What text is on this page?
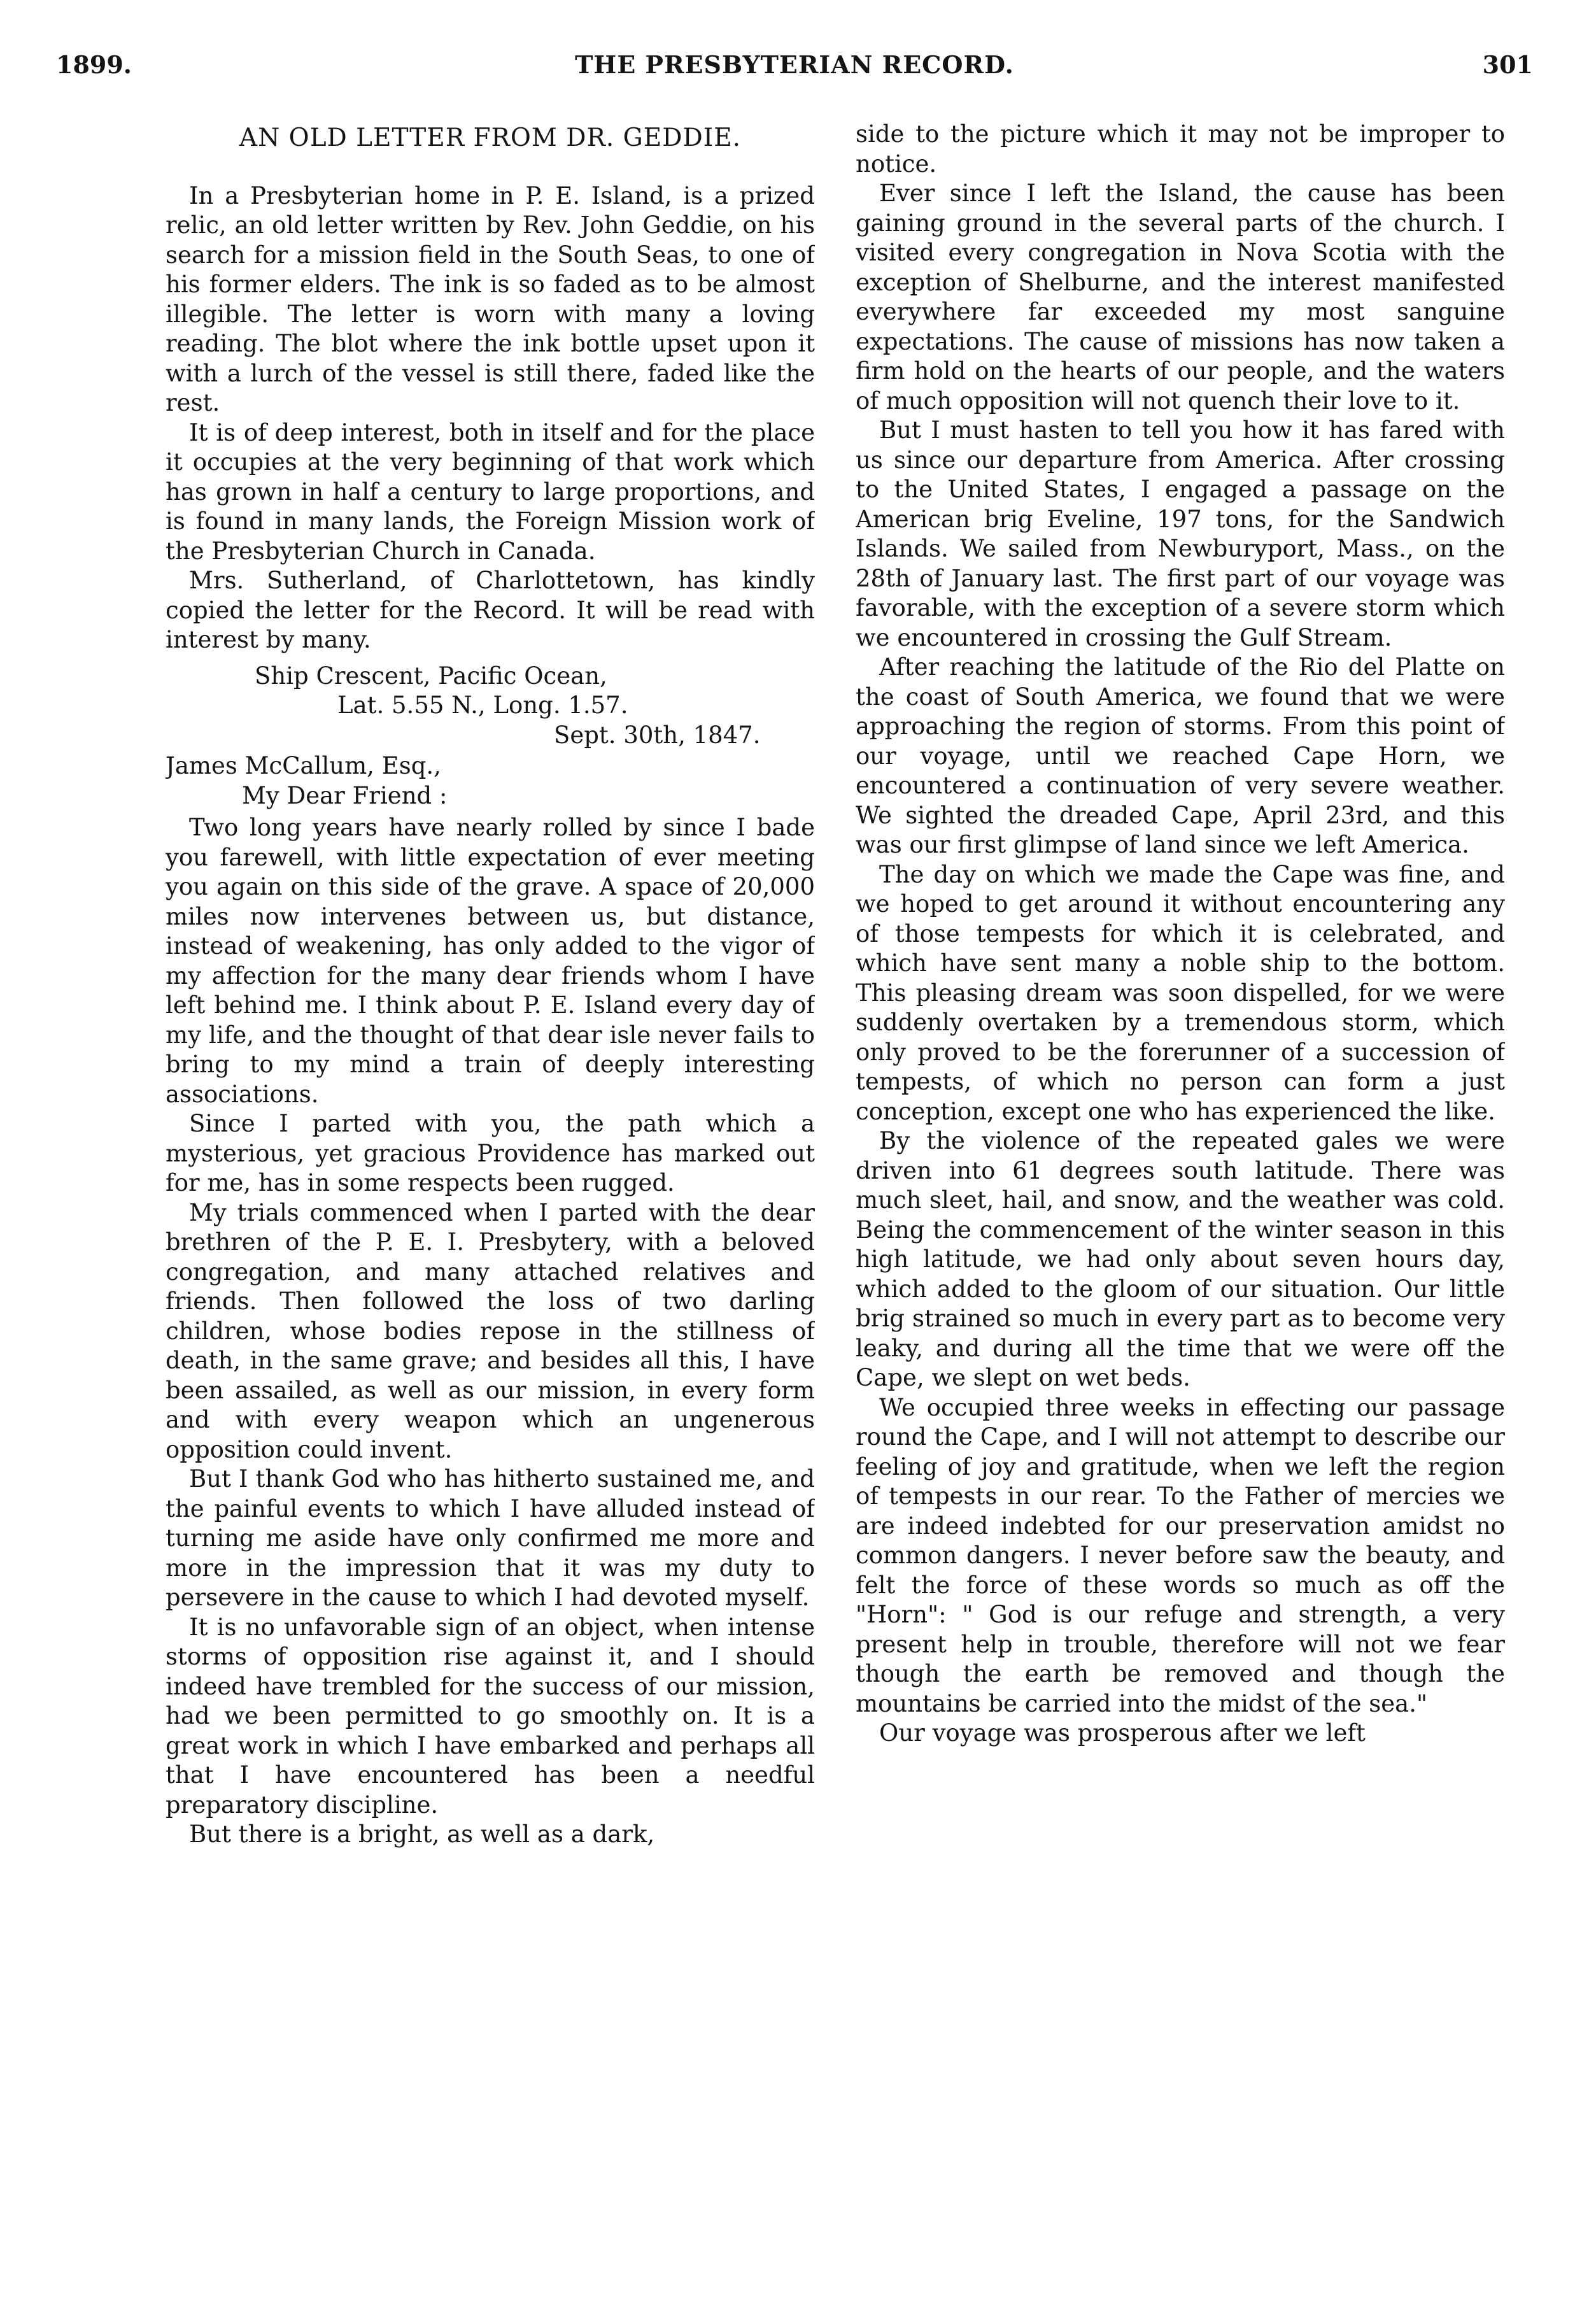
1899.	THE PRESBYTERIAN RECORD.	301
AN OLD LETTER FROM DR. GEDDIE.

In a Presbyterian home in P. E. Island, is a prized relic, an old letter written by Rev. John Geddie, on his search for a mission field in the South Seas, to one of his former elders. The ink is so faded as to be almost illegible. The letter is worn with many a loving reading. The blot where the ink bottle upset upon it with a lurch of the vessel is still there, faded like the rest.

It is of deep interest, both in itself and for the place it occupies at the very beginning of that work which has grown in half a century to large proportions, and is found in many lands, the Foreign Mission work of the Presbyterian Church in Canada.

Mrs. Sutherland, of Charlottetown, has kindly copied the letter for the Record. It will be read with interest by many.

Ship Crescent, Pacific Ocean,
Lat. 5.55 N., Long. 1.57.
Sept. 30th, 1847.
James McCallum, Esq.,
My Dear Friend :

Two long years have nearly rolled by since I bade you farewell, with little expectation of ever meeting you again on this side of the grave. A space of 20,000 miles now intervenes between us, but distance, instead of weakening, has only added to the vigor of my affection for the many dear friends whom I have left behind me. I think about P. E. Island every day of my life, and the thought of that dear isle never fails to bring to my mind a train of deeply interesting associations.

Since I parted with you, the path which a mysterious, yet gracious Providence has marked out for me, has in some respects been rugged.

My trials commenced when I parted with the dear brethren of the P. E. I. Presbytery, with a beloved congregation, and many attached relatives and friends. Then followed the loss of two darling children, whose bodies repose in the stillness of death, in the same grave; and besides all this, I have been assailed, as well as our mission, in every form and with every weapon which an ungenerous opposition could invent.

But I thank God who has hitherto sustained me, and the painful events to which I have alluded instead of turning me aside have only confirmed me more and more in the impression that it was my duty to persevere in the cause to which I had devoted myself.

It is no unfavorable sign of an object, when intense storms of opposition rise against it, and I should indeed have trembled for the success of our mission, had we been permitted to go smoothly on. It is a great work in which I have embarked and perhaps all that I have encountered has been a needful preparatory discipline.

But there is a bright, as well as a dark,

side to the picture which it may not be improper to notice.

Ever since I left the Island, the cause has been gaining ground in the several parts of the church. I visited every congregation in Nova Scotia with the exception of Shelburne, and the interest manifested everywhere far exceeded my most sanguine expectations. The cause of missions has now taken a firm hold on the hearts of our people, and the waters of much opposition will not quench their love to it.

But I must hasten to tell you how it has fared with us since our departure from America. After crossing to the United States, I engaged a passage on the American brig Eveline, 197 tons, for the Sandwich Islands. We sailed from Newburyport, Mass., on the 28th of January last. The first part of our voyage was favorable, with the exception of a severe storm which we encountered in crossing the Gulf Stream.

After reaching the latitude of the Rio del Platte on the coast of South America, we found that we were approaching the region of storms. From this point of our voyage, until we reached Cape Horn, we encountered a continuation of very severe weather. We sighted the dreaded Cape, April 23rd, and this was our first glimpse of land since we left America.

The day on which we made the Cape was fine, and we hoped to get around it without encountering any of those tempests for which it is celebrated, and which have sent many a noble ship to the bottom. This pleasing dream was soon dispelled, for we were suddenly overtaken by a tremendous storm, which only proved to be the forerunner of a succession of tempests, of which no person can form a just conception, except one who has experienced the like.

By the violence of the repeated gales we were driven into 61 degrees south latitude. There was much sleet, hail, and snow, and the weather was cold. Being the commencement of the winter season in this high latitude, we had only about seven hours day, which added to the gloom of our situation. Our little brig strained so much in every part as to become very leaky, and during all the time that we were off the Cape, we slept on wet beds.

We occupied three weeks in effecting our passage round the Cape, and I will not attempt to describe our feeling of joy and gratitude, when we left the region of tempests in our rear. To the Father of mercies we are indeed indebted for our preservation amidst no common dangers. I never before saw the beauty, and felt the force of these words so much as off the "Horn": " God is our refuge and strength, a very present help in trouble, therefore will not we fear though the earth be removed and though the mountains be carried into the midst of the sea."

Our voyage was prosperous after we left
